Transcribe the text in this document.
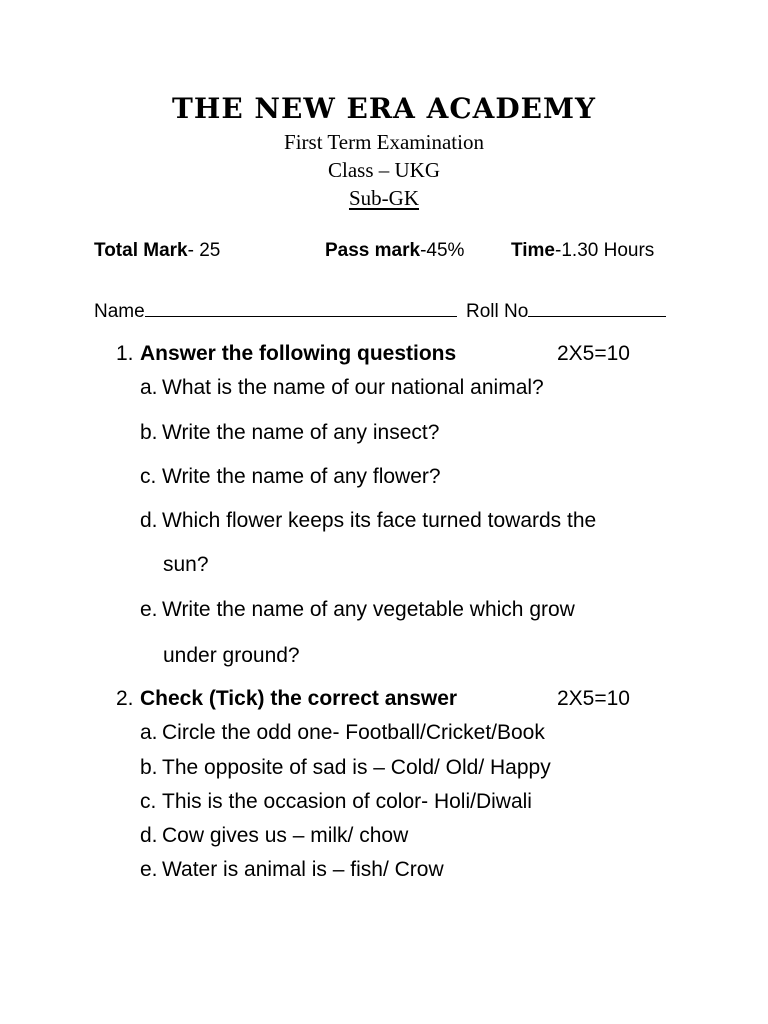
THE NEW ERA ACADEMY
First Term Examination
Class – UKG
Sub-GK
Total Mark- 25	Pass mark-45% Time-1.30 Hours
Name	Roll No
1. Answer the following questions	2X5=10
a. What is the name of our national animal?
b. Write the name of any insect?
c. Write the name of any flower?
d. Which flower keeps its face turned towards the
sun?
e. Write the name of any vegetable which grow
under ground?
2. Check (Tick) the correct answer	2X5=10
a. Circle the odd one- Football/Cricket/Book
b. The opposite of sad is – Cold/ Old/ Happy
c. This is the occasion of color- Holi/Diwali
d. Cow gives us – milk/ chow
e. Water is animal is – fish/ Crow
